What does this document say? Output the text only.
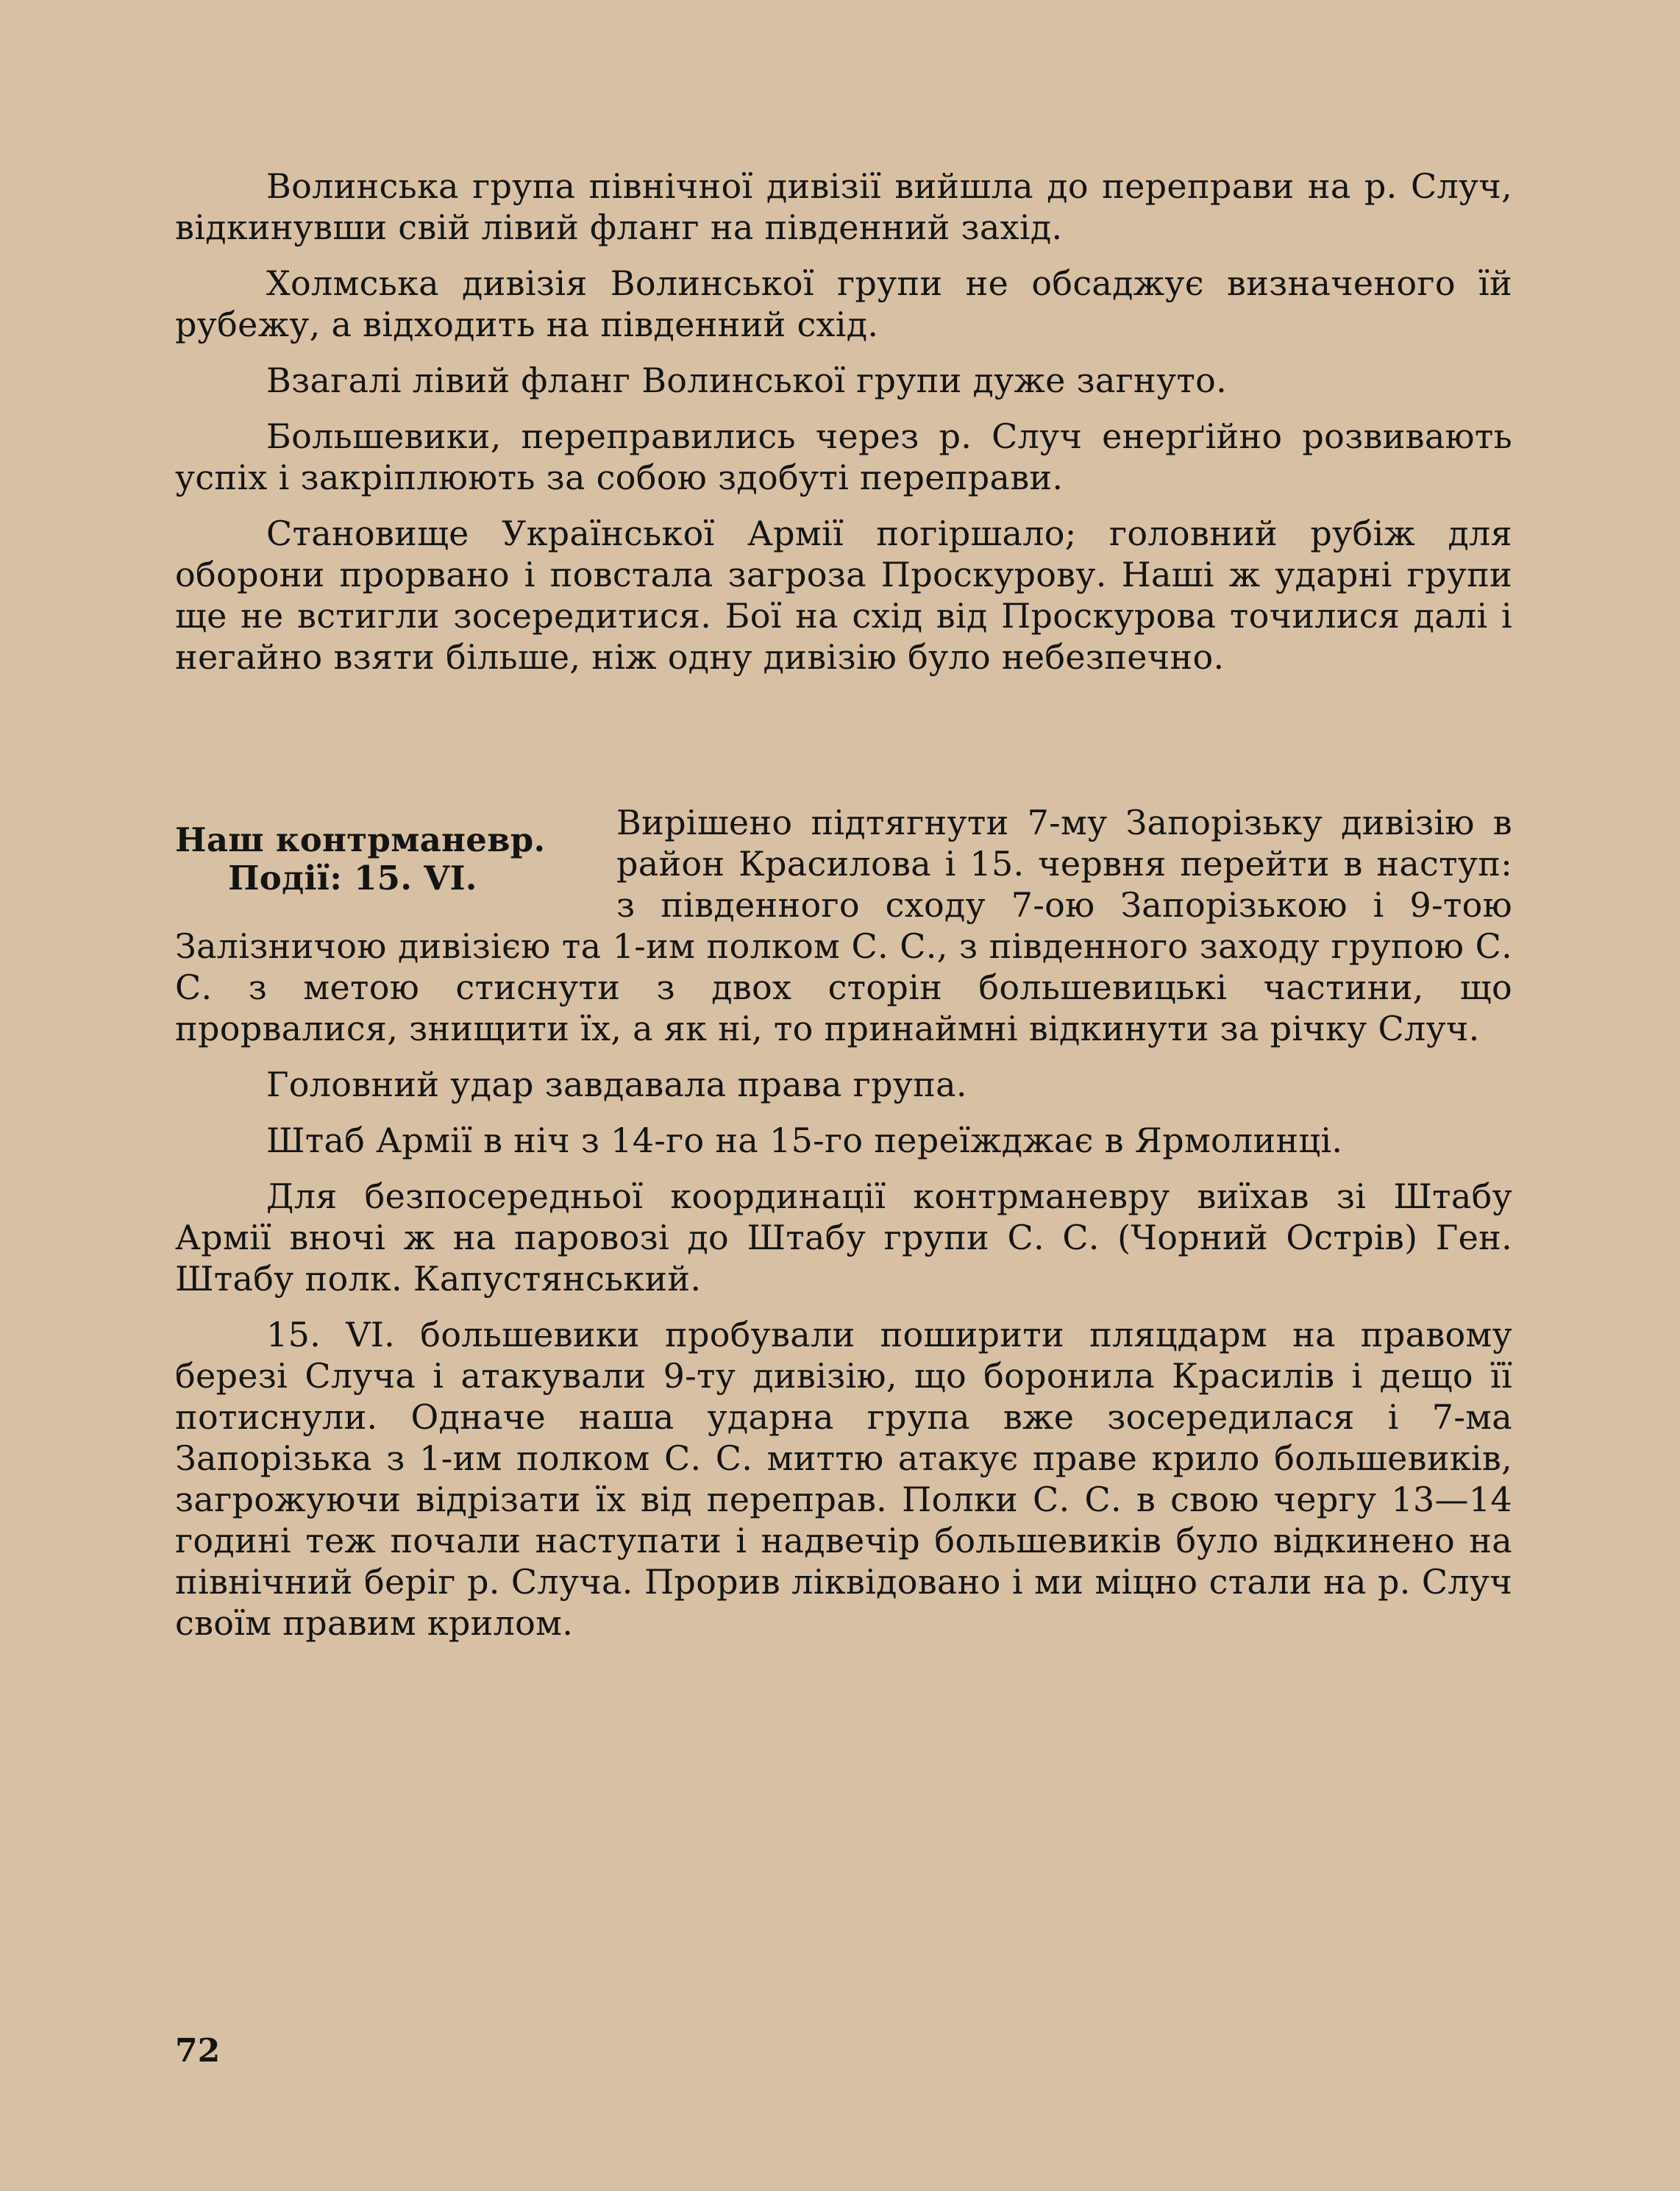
Волинська група північної дивізії вийшла до переправи на р. Случ, відкинувши свій лівий фланг на південний захід.

Холмська дивізія Волинської групи не обсаджує визначеного їй рубежу, а відходить на південний схід.

Взагалі лівий фланг Волинської групи дуже загнуто.

Большевики, переправились через р. Случ енерґійно розвивають успіх і закріплюють за собою здобуті переправи.

Становище Української Армії погіршало; головний рубіж для оборони прорвано і повстала загроза Проскурову. Наші ж ударні групи ще не встигли зосередитися. Бої на схід від Проскурова точилися далі і негайно взяти більше, ніж одну дивізію було небезпечно.

Наш контрманевр.
Події: 15. VI.

Вирішено підтягнути 7-му Запорізьку дивізію в район Красилова і 15. червня перейти в наступ: з південного сходу 7-ою Запорізькою і 9-тою Залізничою дивізією та 1-им полком С. С., з південного заходу групою С. С. з метою стиснути з двох сторін большевицькі частини, що прорвалися, знищити їх, а як ні, то принаймні відкинути за річку Случ.

Головний удар завдавала права група.

Штаб Армії в ніч з 14-го на 15-го переїжджає в Ярмолинці.

Для безпосередньої координації контрманевру виїхав зі Штабу Армії вночі ж на паровозі до Штабу групи С. С. (Чорний Острів) Ген. Штабу полк. Капустянський.

15. VI. большевики пробували поширити пляцдарм на правому березі Случа і атакували 9-ту дивізію, що боронила Красилів і дещо її потиснули. Одначе наша ударна група вже зосередилася і 7-ма Запорізька з 1-им полком С. С. миттю атакує праве крило большевиків, загрожуючи відрізати їх від переправ. Полки С. С. в свою чергу 13—14 годині теж почали наступати і надвечір большевиків було відкинено на північний беріг р. Случа. Прорив ліквідовано і ми міцно стали на р. Случ своїм правим крилом.

72
